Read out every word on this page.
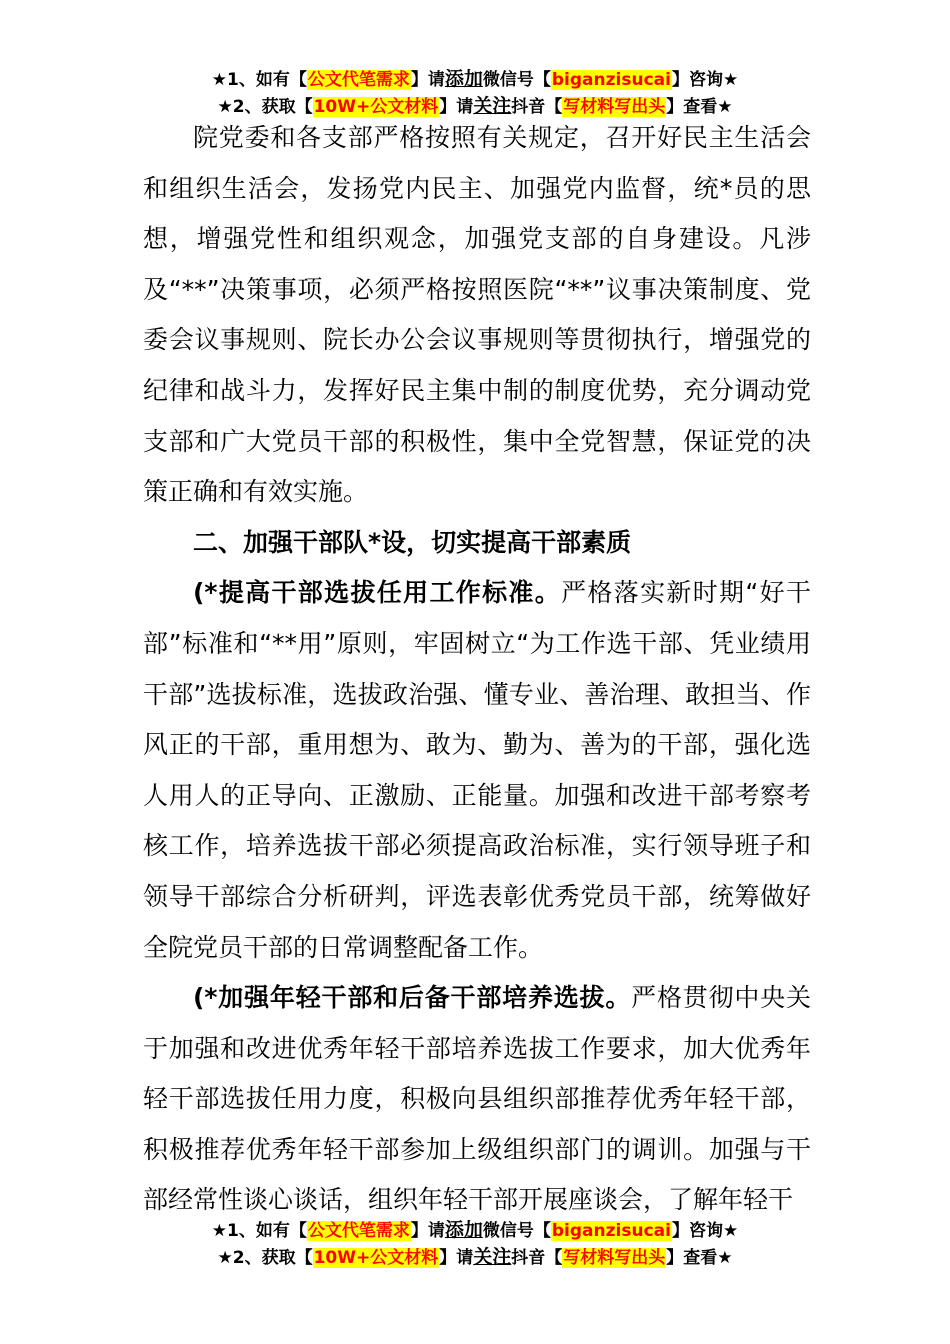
★1、如有【公文代笔需求】请添加微信号【biganzisucai】咨询★
★2、获取【10W+公文材料】请关注抖音【写材料写出头】查看★

院党委和各支部严格按照有关规定，召开好民主生活会和组织生活会，发扬党内民主、加强党内监督，统*员的思想，增强党性和组织观念，加强党支部的自身建设。凡涉及“**”决策事项，必须严格按照医院“**”议事决策制度、党委会议事规则、院长办公会议事规则等贯彻执行，增强党的纪律和战斗力，发挥好民主集中制的制度优势，充分调动党支部和广大党员干部的积极性，集中全党智慧，保证党的决策正确和有效实施。

二、加强干部队*设，切实提高干部素质

(*提高干部选拔任用工作标准。严格落实新时期“好干部”标准和“**用”原则，牢固树立“为工作选干部、凭业绩用干部”选拔标准，选拔政治强、懂专业、善治理、敢担当、作风正的干部，重用想为、敢为、勤为、善为的干部，强化选人用人的正导向、正激励、正能量。加强和改进干部考察考核工作，培养选拔干部必须提高政治标准，实行领导班子和领导干部综合分析研判，评选表彰优秀党员干部，统筹做好全院党员干部的日常调整配备工作。

(*加强年轻干部和后备干部培养选拔。严格贯彻中央关于加强和改进优秀年轻干部培养选拔工作要求，加大优秀年轻干部选拔任用力度，积极向县组织部推荐优秀年轻干部，积极推荐优秀年轻干部参加上级组织部门的调训。加强与干部经常性谈心谈话，组织年轻干部开展座谈会，了解年轻干

★1、如有【公文代笔需求】请添加微信号【biganzisucai】咨询★
★2、获取【10W+公文材料】请关注抖音【写材料写出头】查看★
